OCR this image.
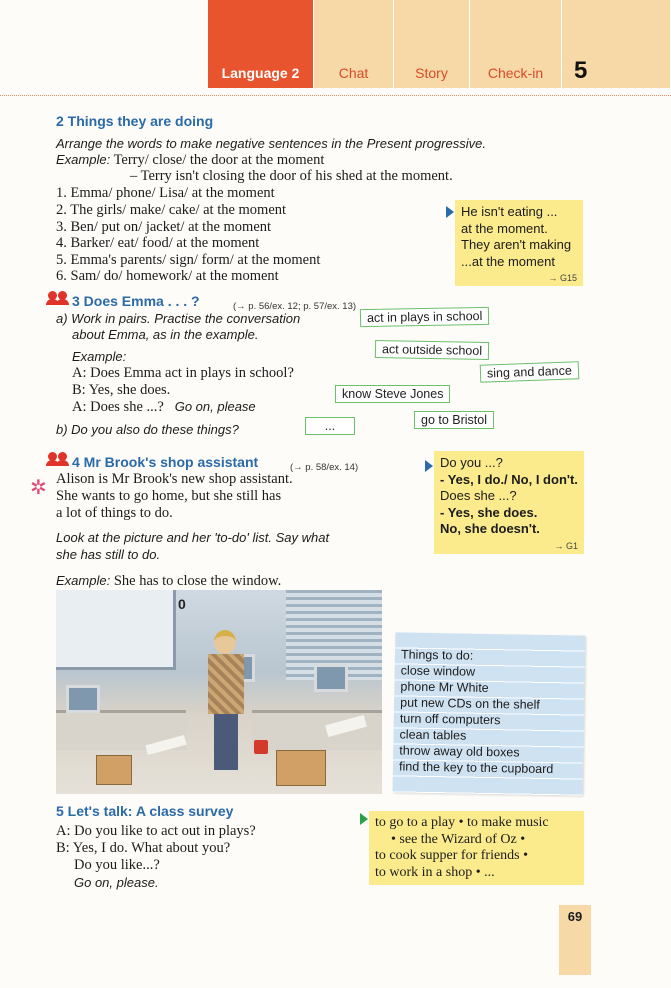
Language 2	Chat	Story	Check-in	5
2 Things they are doing
Arrange the words to make negative sentences in the Present progressive.
Example: Terry/ close/ the door at the moment
– Terry isn't closing the door of his shed at the moment.
1. Emma/ phone/ Lisa/ at the moment
2. The girls/ make/ cake/ at the moment
3. Ben/ put on/ jacket/ at the moment
4. Barker/ eat/ food/ at the moment
5. Emma's parents/ sign/ form/ at the moment
6. Sam/ do/ homework/ at the moment
He isn't eating ...
at the moment.
They aren't making
...at the moment
→ G15
3 Does Emma . . . ?	(→ p. 56/ex. 12; p. 57/ex. 13)
a) Work in pairs. Practise the conversation
about Emma, as in the example.
Example:
A: Does Emma act in plays in school?
B: Yes, she does.
A: Does she ...? Go on, please
b) Do you also do these things?
act in plays in school
act outside school
sing and dance
know Steve Jones
go to Bristol
...
4 Mr Brook's shop assistant	(→ p. 58/ex. 14)
✲ Alison is Mr Brook's new shop assistant.
She wants to go home, but she still has
a lot of things to do.
Look at the picture and her 'to-do' list. Say what
she has still to do.
Example: She has to close the window.
Do you ...?
- Yes, I do./ No, I don't.
Does she ...?
- Yes, she does.
No, she doesn't.
→ G1
0
Things to do:
close window
phone Mr White
put new CDs on the shelf
turn off computers
clean tables
throw away old boxes
find the key to the cupboard
5 Let's talk: A class survey
A: Do you like to act out in plays?
B: Yes, I do. What about you?
Do you like...?
Go on, please.
to go to a play • to make music
• see the Wizard of Oz •
to cook supper for friends •
to work in a shop • ...
69
